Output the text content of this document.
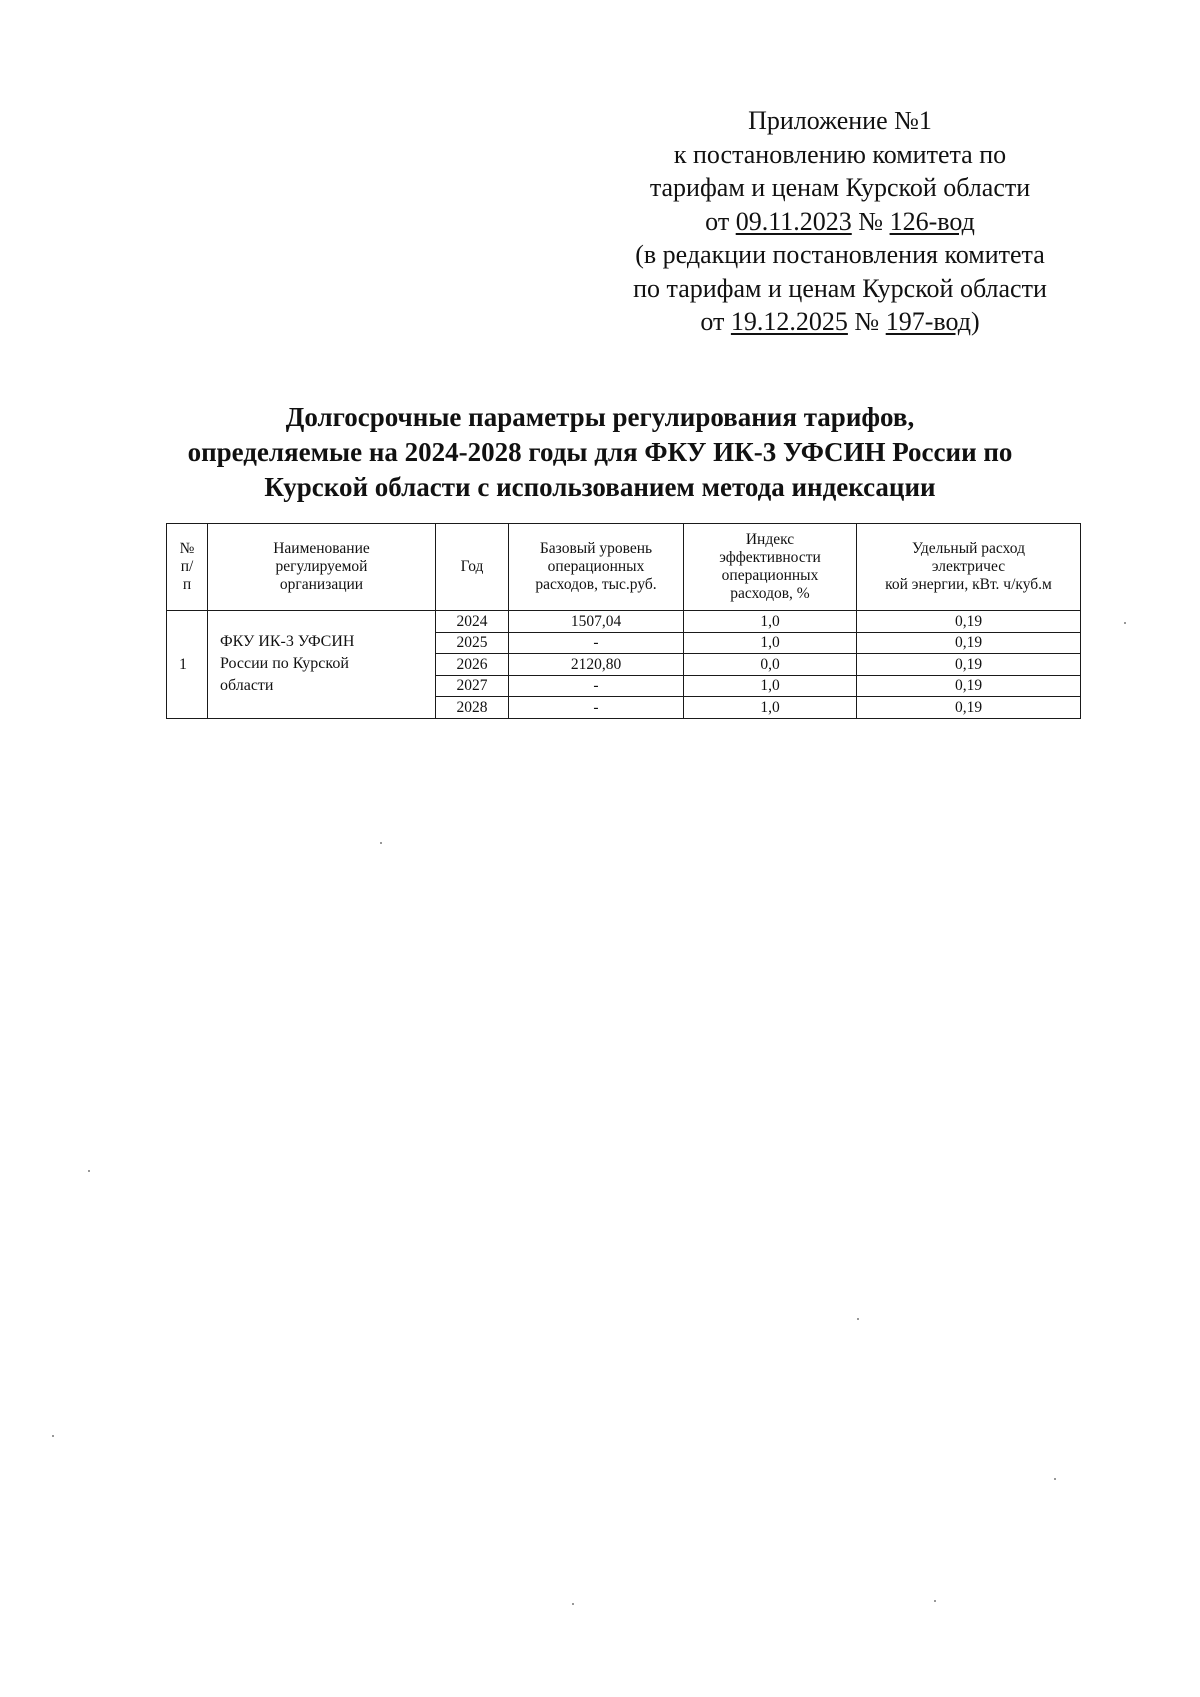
Приложение №1
к постановлению комитета по
тарифам и ценам Курской области
от 09.11.2023 № 126-вод
(в редакции постановления комитета
по тарифам и ценам Курской области
от 19.12.2025 № 197-вод)
Долгосрочные параметры регулирования тарифов,
определяемые на 2024-2028 годы для ФКУ ИК-3 УФСИН России по
Курской области с использованием метода индексации
№
п/
п	Наименование
регулируемой
организации	Год	Базовый уровень
операционных
расходов, тыс.руб.	Индекс
эффективности
операционных
расходов, %	Удельный расход
электричес
кой энергии, кВт. ч/куб.м
1	ФКУ ИК-3 УФСИН
России по Курской
области	2024	1507,04	1,0	0,19
		2025	-	1,0	0,19
		2026	2120,80	0,0	0,19
		2027	-	1,0	0,19
		2028	-	1,0	0,19
